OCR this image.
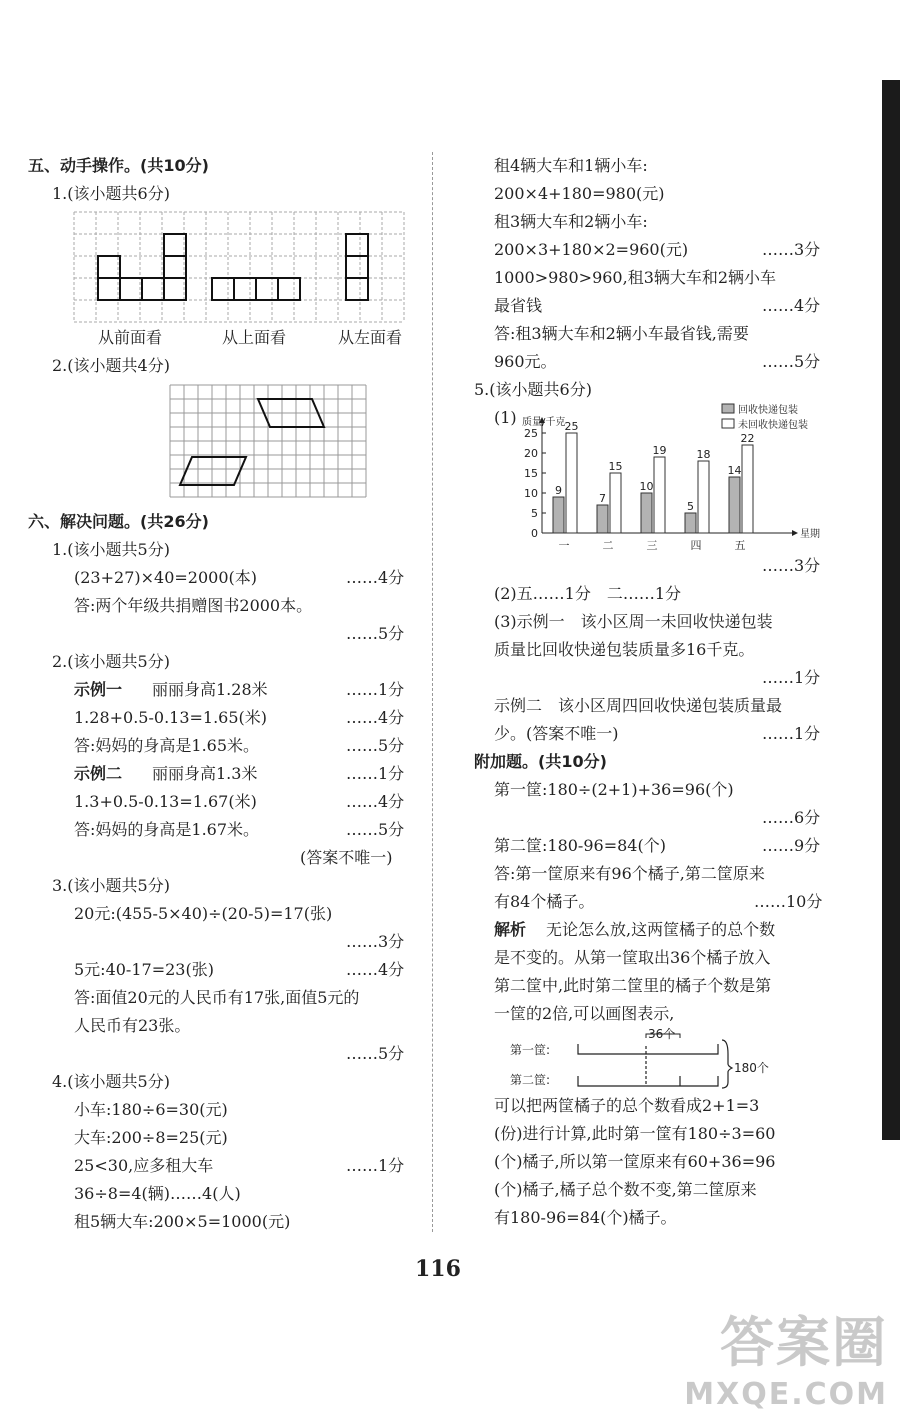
五、动手操作。(共10分)
1.(该小题共6分)
从前面看	从上面看	从左面看
2.(该小题共4分)
六、解决问题。(共26分)
1.(该小题共5分)
(23+27)×40=2000(本)	……4分
答:两个年级共捐赠图书2000本。
……5分
2.(该小题共5分)
示例一 丽丽身高1.28米	……1分
1.28+0.5-0.13=1.65(米)	……4分
答:妈妈的身高是1.65米。	……5分
示例二 丽丽身高1.3米	……1分
1.3+0.5-0.13=1.67(米)	……4分
答:妈妈的身高是1.67米。	……5分
(答案不唯一)
3.(该小题共5分)
20元:(455-5×40)÷(20-5)=17(张)
……3分
5元:40-17=23(张)	……4分
答:面值20元的人民币有17张,面值5元的
人民币有23张。
……5分
4.(该小题共5分)
小车:180÷6=30(元)
大车:200÷8=25(元)
25<30,应多租大车	……1分
36÷8=4(辆)……4(人)
租5辆大车:200×5=1000(元)
租4辆大车和1辆小车:
200×4+180=980(元)
租3辆大车和2辆小车:
200×3+180×2=960(元)	……3分
1000>980>960,租3辆大车和2辆小车
最省钱	……4分
答:租3辆大车和2辆小车最省钱,需要
960元。	……5分
5.(该小题共6分)
(1)
0
5
10
15
20
25
质量/千克
星期
9
25
一
7
15
二
10
19
三
5
18
四
14
22
五
回收快递包装
未回收快递包装
……3分
(2)五……1分　二……1分
(3)示例一　该小区周一未回收快递包装
质量比回收快递包装质量多16千克。
……1分
示例二　该小区周四回收快递包装质量最
少。(答案不唯一)	……1分
附加题。(共10分)
第一筐:180÷(2+1)+36=96(个)
……6分
第二筐:180-96=84(个)	……9分
答:第一筐原来有96个橘子,第二筐原来
有84个橘子。	……10分
解析 　无论怎么放,这两筐橘子的总个数
是不变的。从第一筐取出36个橘子放入
第二筐中,此时第二筐里的橘子个数是第
一筐的2倍,可以画图表示,
36个
第一筐:
第二筐:
180个
可以把两筐橘子的总个数看成2+1=3
(份)进行计算,此时第一筐有180÷3=60
(个)橘子,所以第一筐原来有60+36=96
(个)橘子,橘子总个数不变,第二筐原来
有180-96=84(个)橘子。
116
答案圈
MXQE.COM
